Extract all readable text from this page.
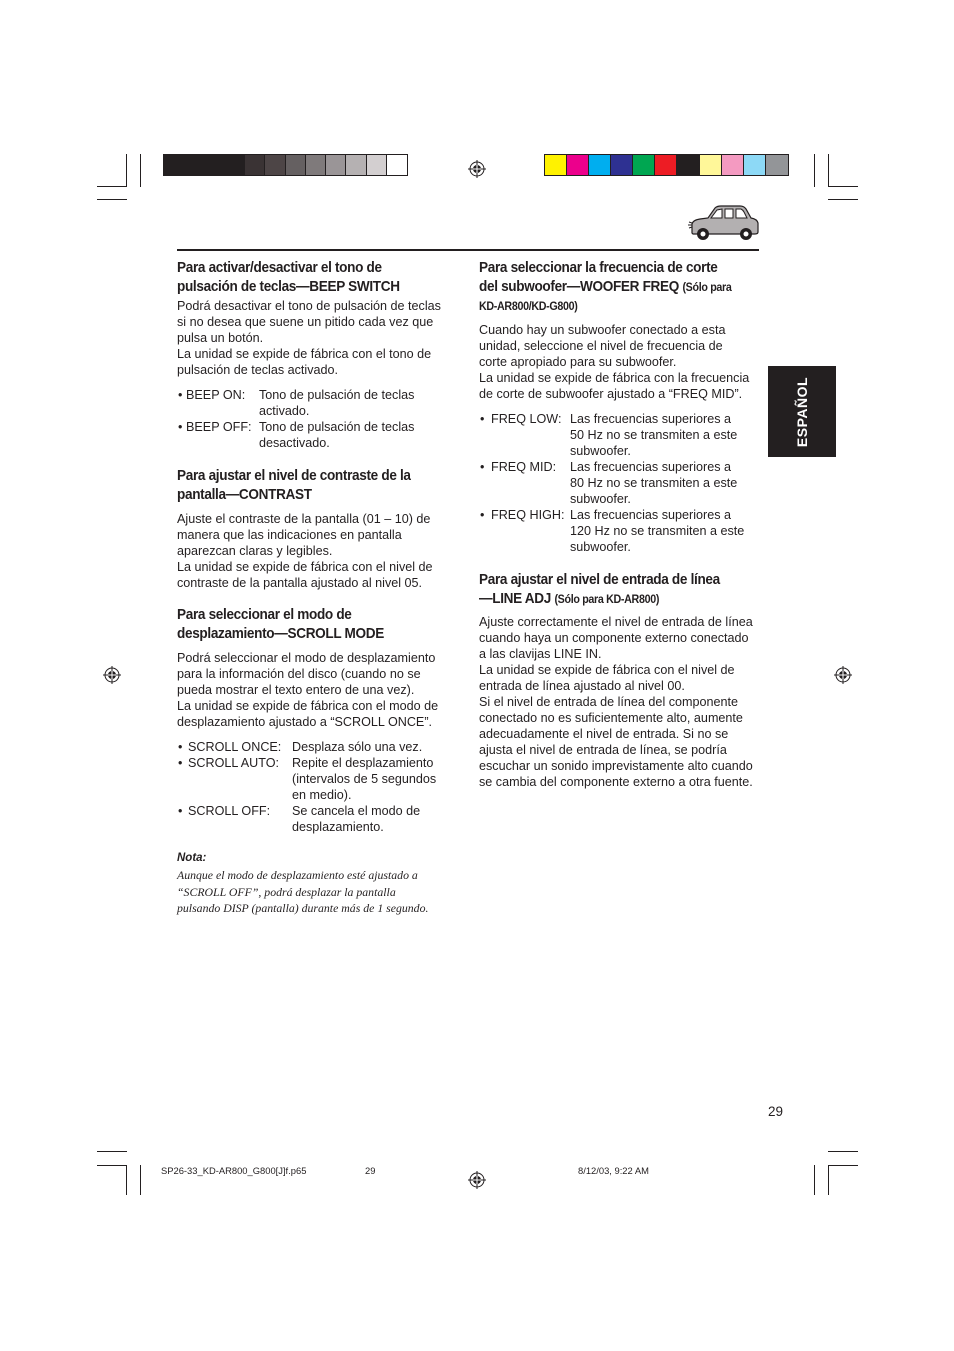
ESPAÑOL
Para activar/desactivar el tono de
pulsación de teclas—BEEP SWITCH
Podrá desactivar el tono de pulsación de teclas
si no desea que suene un pitido cada vez que
pulsa un botón.
La unidad se expide de fábrica con el tono de
pulsación de teclas activado.
• BEEP ON: Tono de pulsación de teclas
activado.
• BEEP OFF: Tono de pulsación de teclas
desactivado.
Para ajustar el nivel de contraste de la
pantalla—CONTRAST
Ajuste el contraste de la pantalla (01 – 10) de
manera que las indicaciones en pantalla
aparezcan claras y legibles.
La unidad se expide de fábrica con el nivel de
contraste de la pantalla ajustado al nivel 05.
Para seleccionar el modo de
desplazamiento—SCROLL MODE
Podrá seleccionar el modo de desplazamiento
para la información del disco (cuando no se
pueda mostrar el texto entero de una vez).
La unidad se expide de fábrica con el modo de
desplazamiento ajustado a “SCROLL ONCE”.
• SCROLL ONCE: Desplaza sólo una vez.
• SCROLL AUTO: Repite el desplazamiento
(intervalos de 5 segundos
en medio).
• SCROLL OFF: Se cancela el modo de
desplazamiento.
Nota:
Aunque el modo de desplazamiento esté ajustado a
“SCROLL OFF”, podrá desplazar la pantalla
pulsando DISP (pantalla) durante más de 1 segundo.
Para seleccionar la frecuencia de corte
del subwoofer—WOOFER FREQ (Sólo para
KD-AR800/KD-G800)
Cuando hay un subwoofer conectado a esta
unidad, seleccione el nivel de frecuencia de
corte apropiado para su subwoofer.
La unidad se expide de fábrica con la frecuencia
de corte de subwoofer ajustado a “FREQ MID”.
• FREQ LOW: Las frecuencias superiores a
50 Hz no se transmiten a este
subwoofer.
• FREQ MID: Las frecuencias superiores a
80 Hz no se transmiten a este
subwoofer.
• FREQ HIGH: Las frecuencias superiores a
120 Hz no se transmiten a este
subwoofer.
Para ajustar el nivel de entrada de línea
—LINE ADJ (Sólo para KD-AR800)
Ajuste correctamente el nivel de entrada de línea
cuando haya un componente externo conectado
a las clavijas LINE IN.
La unidad se expide de fábrica con el nivel de
entrada de línea ajustado al nivel 00.
Si el nivel de entrada de línea del componente
conectado no es suficientemente alto, aumente
adecuadamente el nivel de entrada. Si no se
ajusta el nivel de entrada de línea, se podría
escuchar un sonido imprevistamente alto cuando
se cambia del componente externo a otra fuente.
29
SP26-33_KD-AR800_G800[J]f.p65	29	8/12/03, 9:22 AM
